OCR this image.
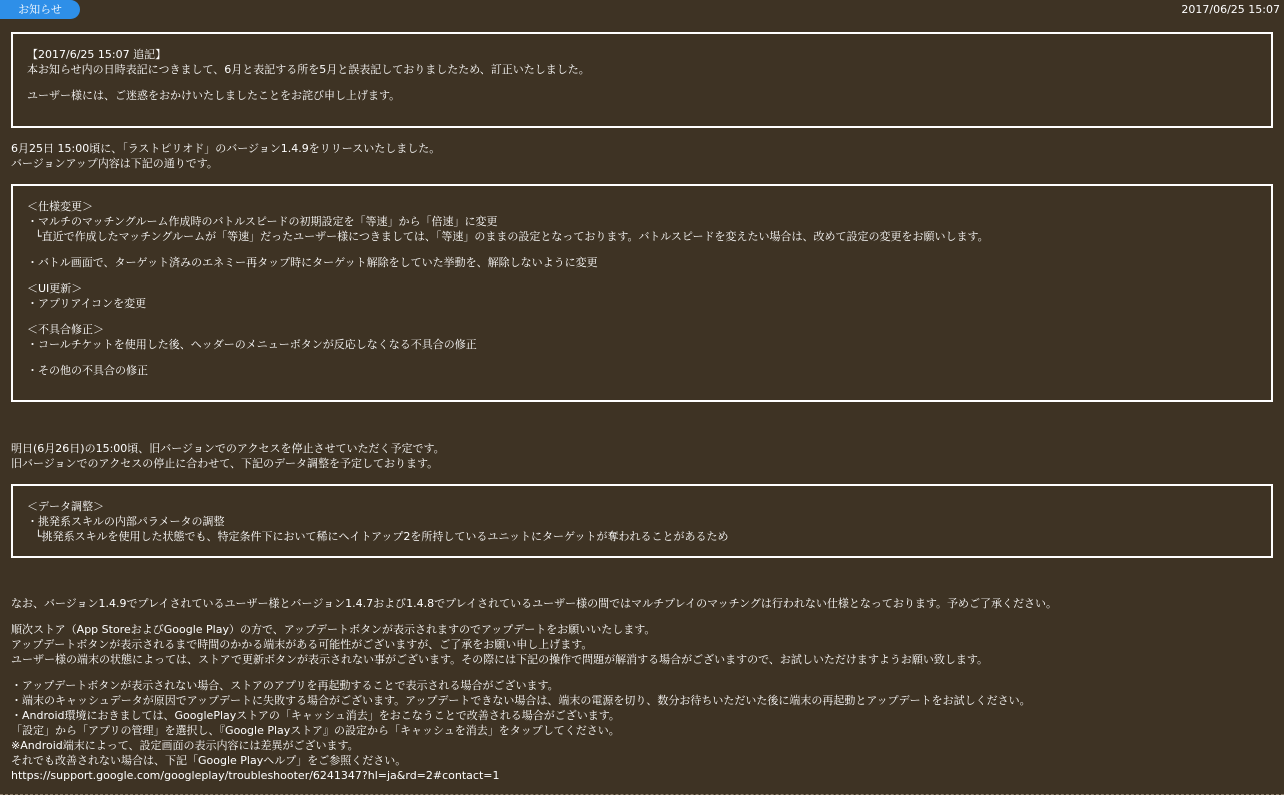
お知らせ	2017/06/25 15:07
【2017/6/25 15:07 追記】
本お知らせ内の日時表記につきまして、6月と表記する所を5月と誤表記しておりましたため、訂正いたしました。
ユーザー様には、ご迷惑をおかけいたしましたことをお詫び申し上げます。
6月25日 15:00頃に、「ラストピリオド」のバージョン1.4.9をリリースいたしました。
バージョンアップ内容は下記の通りです。
＜仕様変更＞
・マルチのマッチングルーム作成時のバトルスピードの初期設定を「等速」から「倍速」に変更
└直近で作成したマッチングルームが「等速」だったユーザー様につきましては、「等速」のままの設定となっております。バトルスピードを変えたい場合は、改めて設定の変更をお願いします。
・バトル画面で、ターゲット済みのエネミー再タップ時にターゲット解除をしていた挙動を、解除しないように変更
＜UI更新＞
・アプリアイコンを変更
＜不具合修正＞
・コールチケットを使用した後、ヘッダーのメニューボタンが反応しなくなる不具合の修正
・その他の不具合の修正
明日(6月26日)の15:00頃、旧バージョンでのアクセスを停止させていただく予定です。
旧バージョンでのアクセスの停止に合わせて、下記のデータ調整を予定しております。
＜データ調整＞
・挑発系スキルの内部パラメータの調整
└挑発系スキルを使用した状態でも、特定条件下において稀にヘイトアップ2を所持しているユニットにターゲットが奪われることがあるため
なお、バージョン1.4.9でプレイされているユーザー様とバージョン1.4.7および1.4.8でプレイされているユーザー様の間ではマルチプレイのマッチングは行われない仕様となっております。予めご了承ください。
順次ストア（App StoreおよびGoogle Play）の方で、アップデートボタンが表示されますのでアップデートをお願いいたします。
アップデートボタンが表示されるまで時間のかかる端末がある可能性がございますが、ご了承をお願い申し上げます。
ユーザー様の端末の状態によっては、ストアで更新ボタンが表示されない事がございます。その際には下記の操作で問題が解消する場合がございますので、お試しいただけますようお願い致します。
・アップデートボタンが表示されない場合、ストアのアプリを再起動することで表示される場合がございます。
・端末のキャッシュデータが原因でアップデートに失敗する場合がございます。アップデートできない場合は、端末の電源を切り、数分お待ちいただいた後に端末の再起動とアップデートをお試しください。
・Android環境におきましては、GooglePlayストアの「キャッシュ消去」をおこなうことで改善される場合がございます。
「設定」から「アプリの管理」を選択し、『Google Playストア』の設定から「キャッシュを消去」をタップしてください。
※Android端末によって、設定画面の表示内容には差異がございます。
それでも改善されない場合は、下記「Google Playヘルプ」をご参照ください。
https://support.google.com/googleplay/troubleshooter/6241347?hl=ja&rd=2#contact=1
